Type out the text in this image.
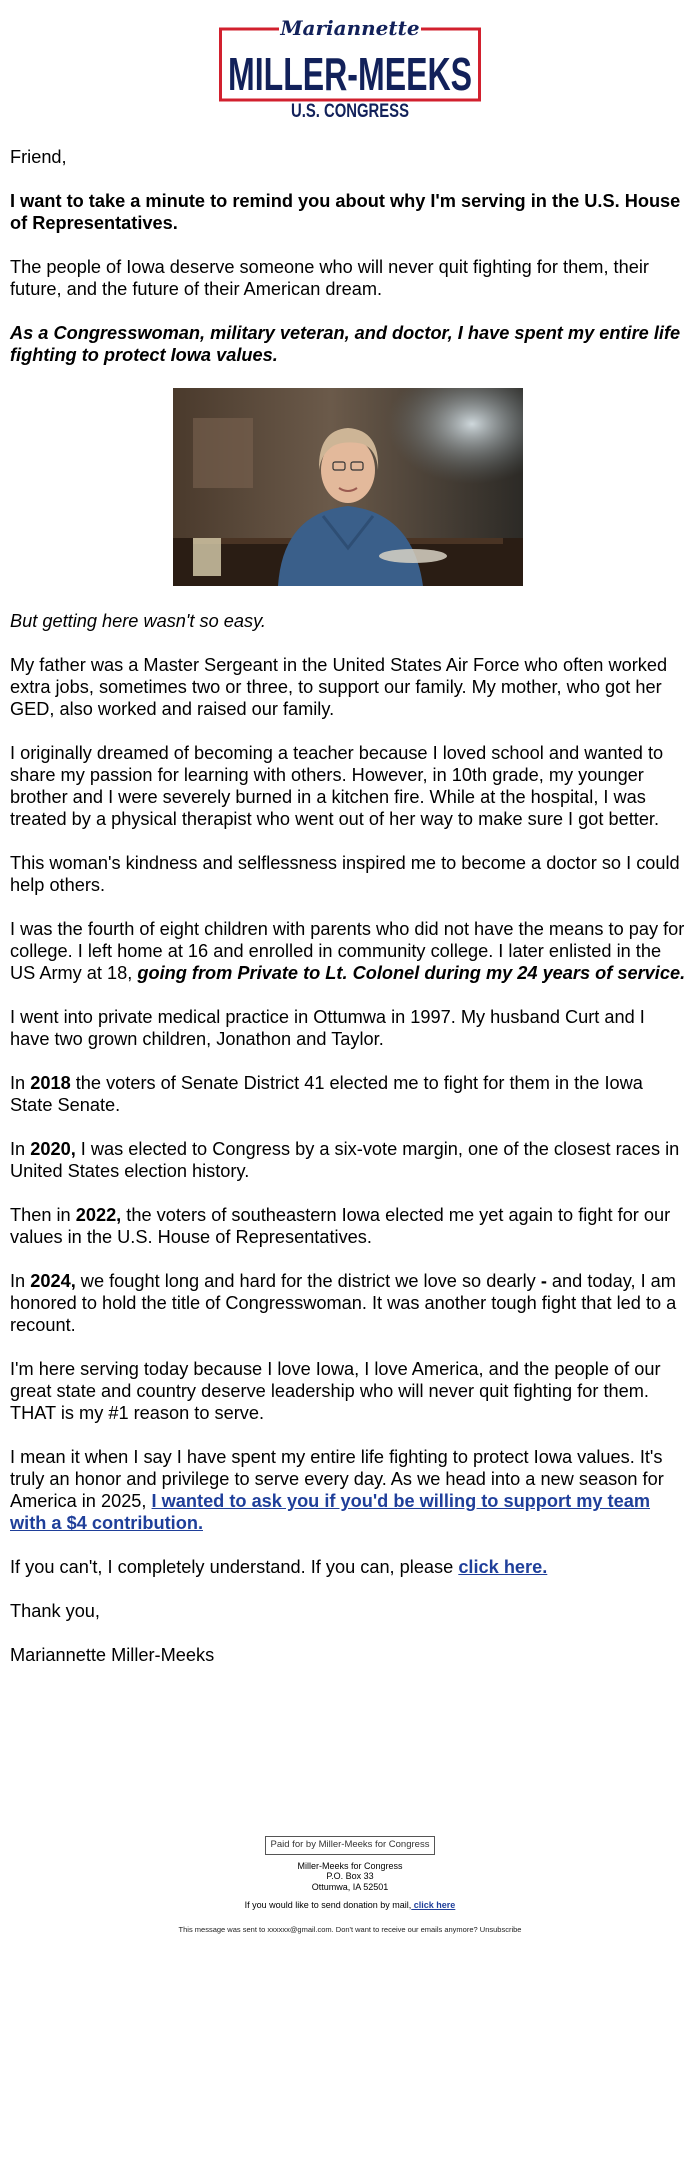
Mariannette
MILLER-MEEKS
U.S. CONGRESS

Friend,

I want to take a minute to remind you about why I'm serving in the U.S. House of Representatives.

The people of Iowa deserve someone who will never quit fighting for them, their future, and the future of their American dream.

As a Congresswoman, military veteran, and doctor, I have spent my entire life fighting to protect Iowa values.

But getting here wasn't so easy.

My father was a Master Sergeant in the United States Air Force who often worked extra jobs, sometimes two or three, to support our family. My mother, who got her GED, also worked and raised our family.

I originally dreamed of becoming a teacher because I loved school and wanted to share my passion for learning with others. However, in 10th grade, my younger brother and I were severely burned in a kitchen fire. While at the hospital, I was treated by a physical therapist who went out of her way to make sure I got better.

This woman's kindness and selflessness inspired me to become a doctor so I could help others.

I was the fourth of eight children with parents who did not have the means to pay for college. I left home at 16 and enrolled in community college. I later enlisted in the US Army at 18, going from Private to Lt. Colonel during my 24 years of service.

I went into private medical practice in Ottumwa in 1997. My husband Curt and I have two grown children, Jonathon and Taylor.

In 2018 the voters of Senate District 41 elected me to fight for them in the Iowa State Senate.

In 2020, I was elected to Congress by a six-vote margin, one of the closest races in United States election history.

Then in 2022, the voters of southeastern Iowa elected me yet again to fight for our values in the U.S. House of Representatives.

In 2024, we fought long and hard for the district we love so dearly - and today, I am honored to hold the title of Congresswoman. It was another tough fight that led to a recount.

I'm here serving today because I love Iowa, I love America, and the people of our great state and country deserve leadership who will never quit fighting for them. THAT is my #1 reason to serve.

I mean it when I say I have spent my entire life fighting to protect Iowa values. It's truly an honor and privilege to serve every day. As we head into a new season for America in 2025, I wanted to ask you if you'd be willing to support my team with a $4 contribution.

If you can't, I completely understand. If you can, please click here.

Thank you,

Mariannette Miller-Meeks

Paid for by Miller-Meeks for Congress
Miller-Meeks for Congress
P.O. Box 33
Ottumwa, IA 52501
If you would like to send donation by mail, click here
This message was sent to xxxxxx@gmail.com. Don't want to receive our emails anymore? Unsubscribe
